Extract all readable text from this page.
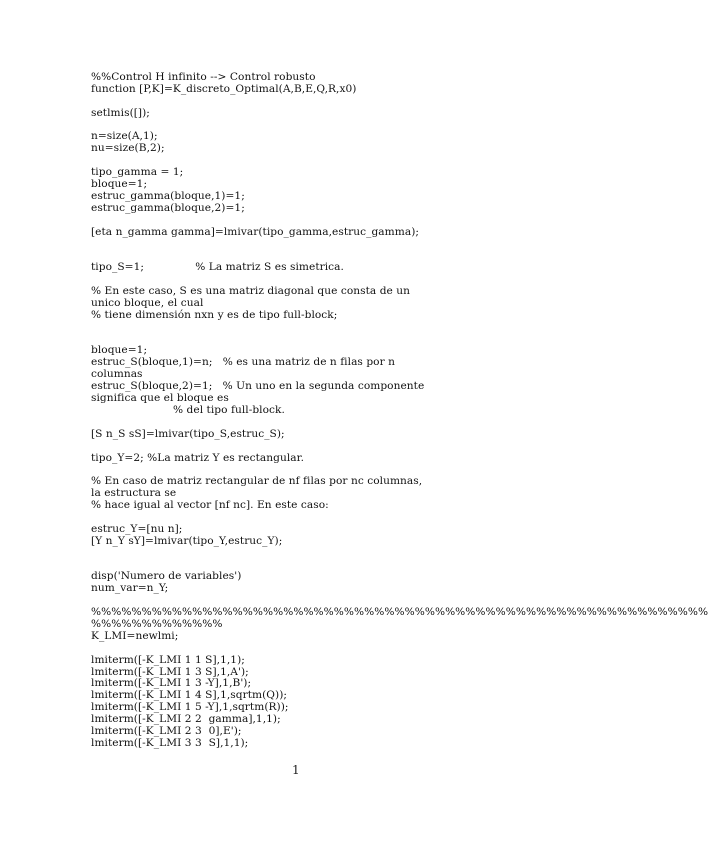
%%Control H infinito --> Control robusto
function [P,K]=K_discreto_Optimal(A,B,E,Q,R,x0)
setlmis([]);
n=size(A,1);
nu=size(B,2);
tipo_gamma = 1;
bloque=1;
estruc_gamma(bloque,1)=1;
estruc_gamma(bloque,2)=1;
[eta n_gamma gamma]=lmivar(tipo_gamma,estruc_gamma);
tipo_S=1;               % La matriz S es simetrica.
% En este caso, S es una matriz diagonal que consta de un
unico bloque, el cual
% tiene dimensión nxn y es de tipo full-block;
bloque=1;
estruc_S(bloque,1)=n;   % es una matriz de n filas por n
columnas
estruc_S(bloque,2)=1;   % Un uno en la segunda componente
significa que el bloque es
% del tipo full-block.
[S n_S sS]=lmivar(tipo_S,estruc_S);
tipo_Y=2; %La matriz Y es rectangular.
% En caso de matriz rectangular de nf filas por nc columnas,
la estructura se
% hace igual al vector [nf nc]. En este caso:
estruc_Y=[nu n];
[Y n_Y sY]=lmivar(tipo_Y,estruc_Y);
disp('Numero de variables')
num_var=n_Y;
%%%%%%%%%%%%%%%%%%%%%%%%%%%%%%%%%%%%%%%%%%%%%%%%%%%%%%%%%%%%%
%%%%%%%%%%%%%
K_LMI=newlmi;
lmiterm([-K_LMI 1 1 S],1,1);
lmiterm([-K_LMI 1 3 S],1,A');
lmiterm([-K_LMI 1 3 -Y],1,B');
lmiterm([-K_LMI 1 4 S],1,sqrtm(Q));
lmiterm([-K_LMI 1 5 -Y],1,sqrtm(R));
lmiterm([-K_LMI 2 2  gamma],1,1);
lmiterm([-K_LMI 2 3  0],E');
lmiterm([-K_LMI 3 3  S],1,1);
1
